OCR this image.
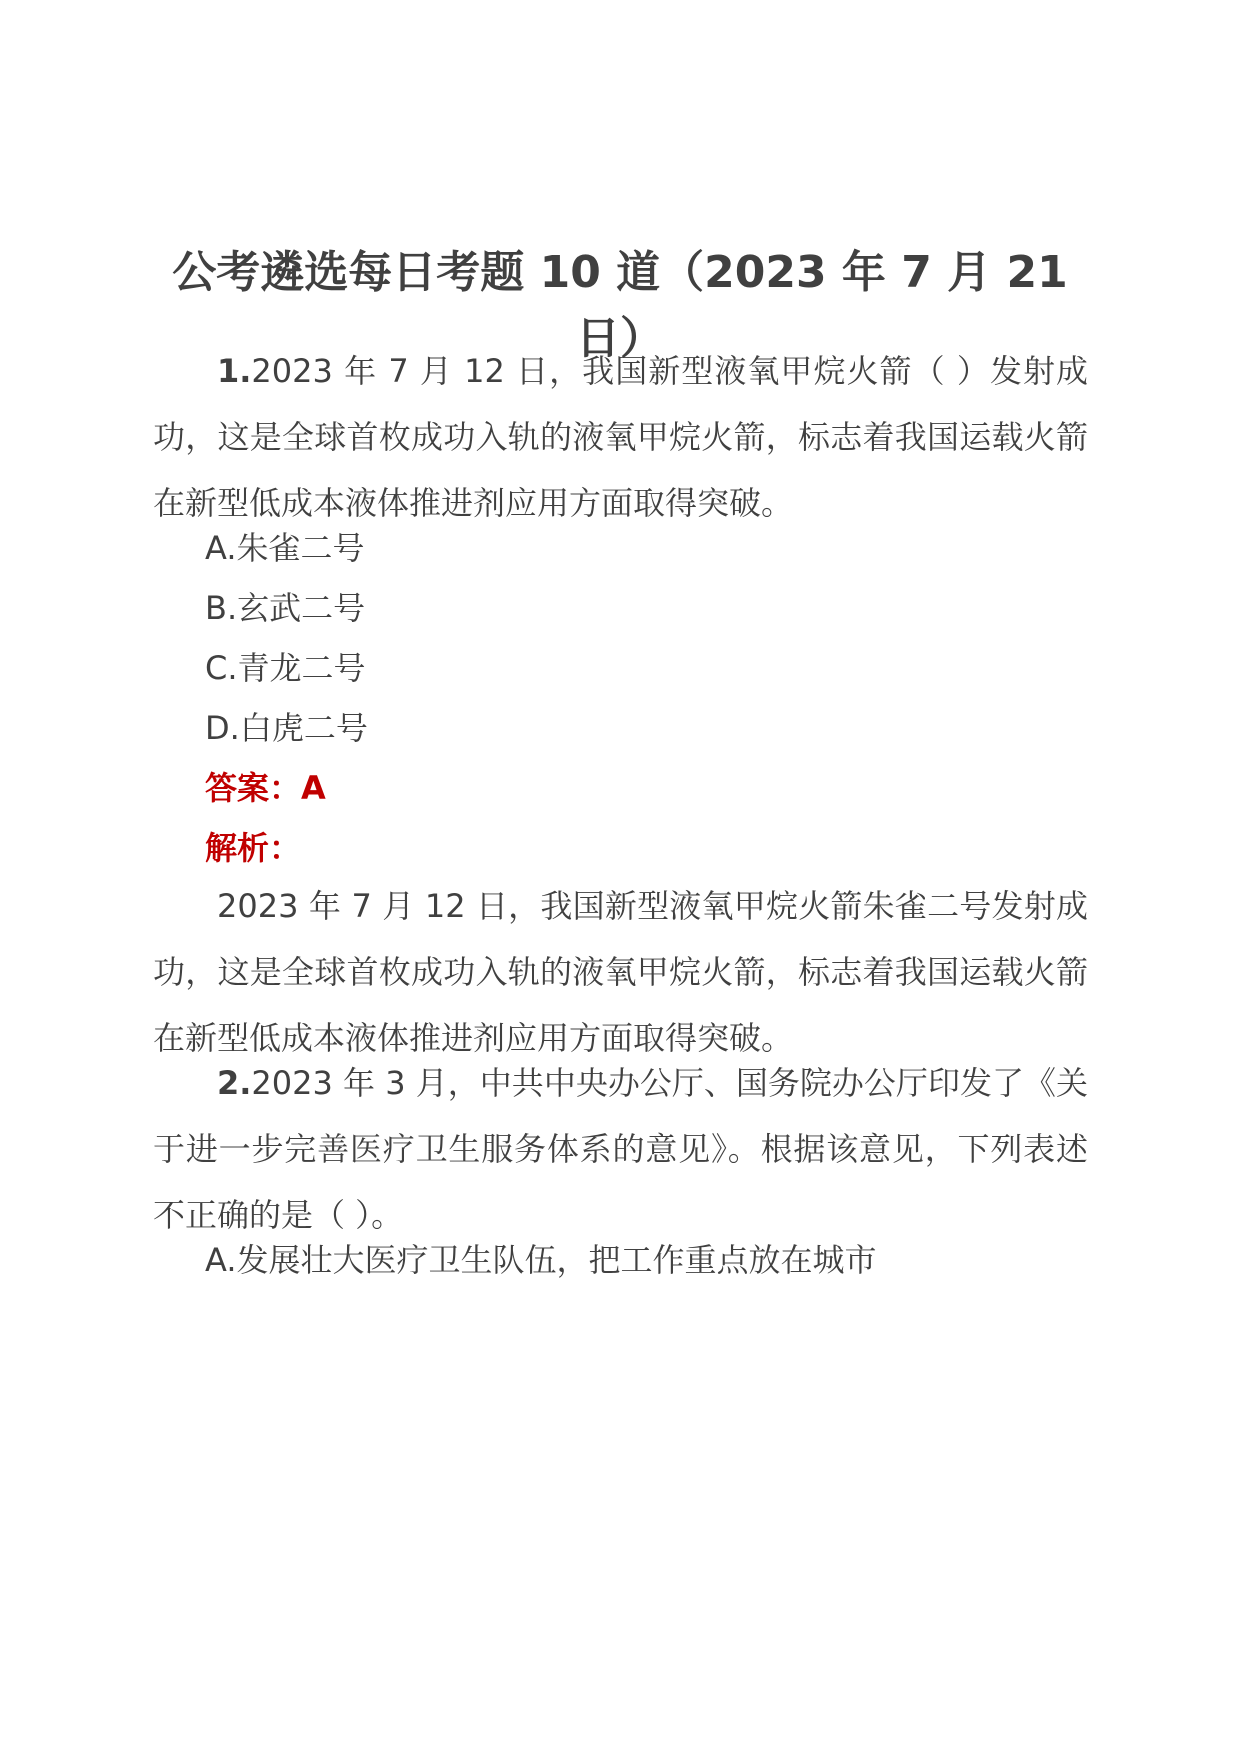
公考遴选每日考题 10 道（2023 年 7 月 21 日）

1.2023 年 7 月 12 日，我国新型液氧甲烷火箭（ ）发射成功，这是全球首枚成功入轨的液氧甲烷火箭，标志着我国运载火箭在新型低成本液体推进剂应用方面取得突破。

A.朱雀二号

B.玄武二号

C.青龙二号

D.白虎二号

答案：A

解析：

2023 年 7 月 12 日，我国新型液氧甲烷火箭朱雀二号发射成功，这是全球首枚成功入轨的液氧甲烷火箭，标志着我国运载火箭在新型低成本液体推进剂应用方面取得突破。

2.2023 年 3 月，中共中央办公厅、国务院办公厅印发了《关于进一步完善医疗卫生服务体系的意见》。根据该意见，下列表述不正确的是（ ）。

A.发展壮大医疗卫生队伍，把工作重点放在城市
